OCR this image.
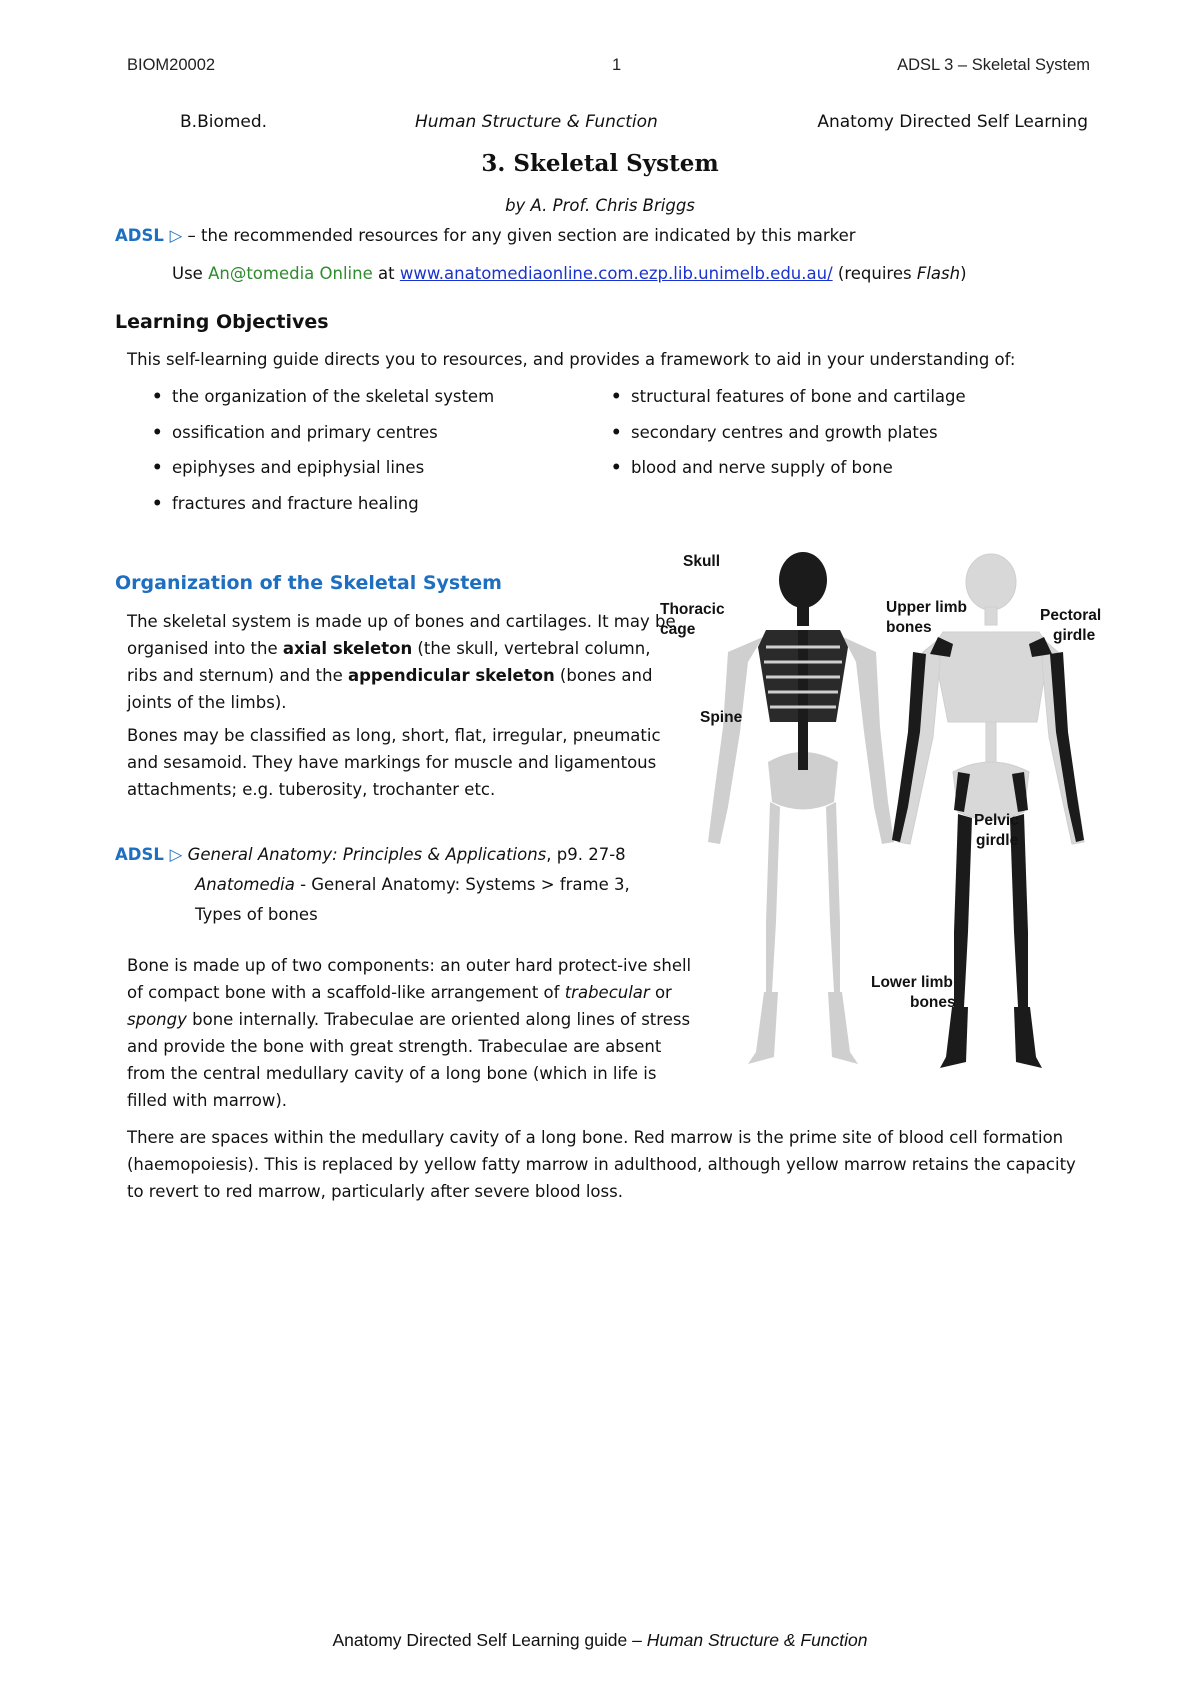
BIOM20002	1	ADSL 3 – Skeletal System
B.Biomed.	Human Structure & Function	Anatomy Directed Self Learning
3. Skeletal System
by A. Prof. Chris Briggs
ADSL ▷ – the recommended resources for any given section are indicated by this marker
Use An@tomedia Online at www.anatomediaonline.com.ezp.lib.unimelb.edu.au/ (requires Flash)
Learning Objectives
This self-learning guide directs you to resources, and provides a framework to aid in your understanding of:
• the organization of the skeletal system
• ossification and primary centres
• epiphyses and epiphysial lines
• fractures and fracture healing
• structural features of bone and cartilage
• secondary centres and growth plates
• blood and nerve supply of bone
Organization of the Skeletal System

The skeletal system is made up of bones and cartilages. It may be organised into the axial skeleton (the skull, vertebral column, ribs and sternum) and the appendicular skeleton (bones and joints of the limbs).

Bones may be classified as long, short, flat, irregular, pneumatic and sesamoid. They have markings for muscle and ligamentous attachments; e.g. tuberosity, trochanter etc.

ADSL ▷ General Anatomy: Principles & Applications, p9. 27-8
Anatomedia - General Anatomy: Systems > frame 3,
Types of bones

Bone is made up of two components: an outer hard protect-ive shell of compact bone with a scaffold-like arrangement of trabecular or spongy bone internally. Trabeculae are oriented along lines of stress and provide the bone with great strength. Trabeculae are absent from the central medullary cavity of a long bone (which in life is filled with marrow).

There are spaces within the medullary cavity of a long bone. Red marrow is the prime site of blood cell formation (haemopoiesis). This is replaced by yellow fatty marrow in adulthood, although yellow marrow retains the capacity to revert to red marrow, particularly after severe blood loss.
Skull
Thoracic
cage
Spine
Upper limb
bones
Pectoral
girdle
Pelvic
girdle
Lower limb
bones
Anatomy Directed Self Learning guide – Human Structure & Function
